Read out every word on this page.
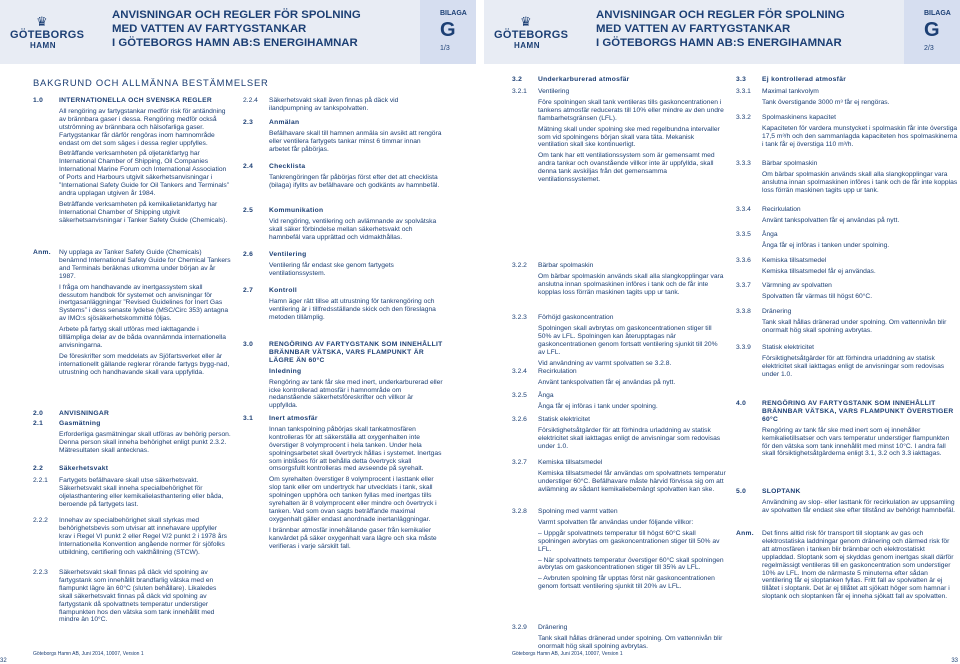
♛
GÖTEBORGS
HAMN
ANVISNINGAR OCH REGLER FÖR SPOLNING
MED VATTEN AV FARTYGSTANKAR
I GÖTEBORGS HAMN AB:S ENERGIHAMNAR
BILAGA
G
1/3
BAKGRUND OCH ALLMÄNNA BESTÄMMELSER
1.0 INTERNATIONELLA OCH SVENSKA REGLER

All rengöring av fartygstankar medför risk för antändning av brännbara gaser i dessa. Rengöring medför också utströmning av brännbara och hälsofarliga gaser. Fartygstankar får därför rengöras inom hamnområde endast om det som säges i dessa regler uppfylles.

Beträffande verksamheten på oljetankfartyg har International Chamber of Shipping, Oil Companies International Marine Forum och International Association of Ports and Harbours utgivit säkerhetsanvisningar i ”International Safety Guide for Oil Tankers and Terminals” andra upplagan utgiven år 1984.

Beträffande verksamheten på kemikalietankfartyg har International Chamber of Shipping utgivit säkerhetsanvisningar i Tanker Safety Guide (Chemicals).

Anm. Ny upplaga av Tanker Safety Guide (Chemicals) benämnd International Safety Guide for Chemical Tankers and Terminals beräknas utkomma under början av år 1987.

I fråga om handhavande av inertgassystem skall dessutom handbok för systemet och anvisningar för inertgasanläggningar ”Revised Guidelines for Inert Gas Systems” i dess senaste lydelse (MSC/Circ 353) antagna av IMO:s sjösäkerhetskommitté följas.

Arbete på fartyg skall utföras med iakttagande i tilllämpliga delar av de båda ovannämnda internationella anvisningarna.

De föreskrifter som meddelats av Sjöfartsverket eller är internationellt gällande reglerar rörande fartygs bygg-nad, utrustning och handhavande skall vara uppfyllda.

2.0 ANVISNINGAR

2.1 Gasmätning

Erforderliga gasmätningar skall utföras av behörig person. Denna person skall inneha behörighet enligt punkt 2.3.2. Mätresultaten skall antecknas.

2.2 Säkerhetsvakt

2.2.1 Fartygets befälhavare skall utse säkerhetsvakt. Säkerhetsvakt skall inneha specialbehörighet för oljelasthantering eller kemikalielasthantering eller båda, beroende på fartygets last.

2.2.2 Innehav av specialbehörighet skall styrkas med behörighetsbevis som utvisar att innehavare uppfyller krav i Regel VI punkt 2 eller Regel V/2 punkt 2 i 1978 års Internationella Konvention angående normer för sjöfolks utbildning, certifiering och vakthållning (STCW).

2.2.3 Säkerhetsvakt skall finnas på däck vid spolning av fartygstank som innehållit brandfarlig vätska med en flampunkt lägre än 60°C (sluten behållare). Likaledes skall säkerhetsvakt finnas på däck vid spolning av fartygstank då spolvattnets temperatur understiger flampunkten hos den vätska som tank innehållit med mindre än 10°C.

2.2.4 Säkerhetsvakt skall även finnas på däck vid ilandpumpning av tankspolvatten.

2.3 Anmälan

Befälhavare skall till hamnen anmäla sin avsikt att rengöra eller ventilera fartygets tankar minst 6 timmar innan arbetet får påbörjas.

2.4 Checklista

Tankrengöringen får påbörjas först efter det att checklista (bilaga) ifyllts av befälhavare och godkänts av hamnbefäl.

2.5 Kommunikation

Vid rengöring, ventilering och avlämnande av spolvätska skall säker förbindelse mellan säkerhetsvakt och hamnbefäl vara upprättad och vidmakthållas.

2.6 Ventilering

Ventilering får endast ske genom fartygets ventilationssystem.

2.7 Kontroll

Hamn äger rätt tillse att utrustning för tankrengöring och ventilering är i tillfredsställande skick och den föreslagna metoden tillämplig.

3.0 RENGÖRING AV FARTYGSTANK SOM INNEHÅLLIT BRÄNNBAR VÄTSKA, VARS FLAMPUNKT ÄR LÄGRE ÄN 60°C

Inledning

Rengöring av tank får ske med inert, underkarburerad eller icke kontrollerad atmosfär i hamnområde om nedanstående säkerhetsföreskrifter och villkor är uppfyllda.

3.1 Inert atmosfär

Innan tankspolning påbörjas skall tankatmosfären kontrolleras för att säkerställa att oxygenhalten inte överstiger 8 volymprocent i hela tanken. Under hela spolningsarbetet skall övertryck hållas i systemet. Inertgas som inblåses för att behålla detta övertryck skall omsorgsfullt kontrolleras med avseende på syrehalt.

Om syrehalten överstiger 8 volymprocent i lasttank eller slop tank eller om undertryck har utvecklats i tank, skall spolningen upphöra och tanken fyllas med inertgas tills syrehalten är 8 volymprocent eller mindre och övertryck i tanken. Vad som ovan sagts beträffande maximal oxygenhalt gäller endast anordnade inertanläggningar.

I brännbar atmosfär innehållande gaser från kemikalier kanvärdet på säker oxygenhalt vara lägre och ska måste verifieras i varje särskilt fall.

Göteborgs Hamn AB, Juni 2014, 10007, Version 1
32
♛
GÖTEBORGS
HAMN
ANVISNINGAR OCH REGLER FÖR SPOLNING
MED VATTEN AV FARTYGSTANKAR
I GÖTEBORGS HAMN AB:S ENERGIHAMNAR
BILAGA
G
2/3
3.2 Underkarburerad atmosfär

3.2.1 Ventilering

Före spolningen skall tank ventileras tills gaskoncentrationen i tankens atmosfär reducerats till 10% eller mindre av den undre flambarhetsgränsen (LFL).

Mätning skall under spolning ske med regelbundna intervaller som vid spolningens början skall vara täta. Mekanisk ventilation skall ske kontinuerligt.

Om tank har ett ventilationssystem som är gemensamt med andra tankar och ovanstående villkor inte är uppfyllda, skall denna tank avskiljas från det gemensamma ventilationssystemet.

3.2.2 Bärbar spolmaskin

Om bärbar spolmaskin används skall alla slangkopplingar vara anslutna innan spolmaskinen införes i tank och de får inte kopplas loss förrän maskinen tagits upp ur tank.

3.2.3 Förhöjd gaskoncentration

Spolningen skall avbrytas om gaskoncentrationen stiger till 50% av LFL. Spolningen kan återupptagas när gaskoncentrationen genom fortsatt ventilering sjunkit till 20% av LFL.

Vid användning av varmt spolvatten se 3.2.8.

3.2.4 Recirkulation

Använt tankspolvatten får ej användas på nytt.

3.2.5 Ånga

Ånga får ej införas i tank under spolning.

3.2.6 Statisk elektricitet

Försiktighetsåtgärder för att förhindra urladdning av statisk elektricitet skall iakttagas enligt de anvisningar som redovisas under 1.0.

3.2.7 Kemiska tillsatsmedel

Kemiska tillsatsmedel får användas om spolvattnets temperatur understiger 60°C. Befälhavare måste härvid förvissa sig om att avlämning av sådant kemikaliebemängt spolvatten kan ske.

3.2.8 Spolning med varmt vatten

Varmt spolvatten får användas under följande villkor:

– Uppgår spolvattnets temperatur till högst 60°C skall spolningen avbrytas om gaskoncentrationen stiger till 50% av LFL.

– När spolvattnets temperatur överstiger 60°C skall spolningen avbrytas om gaskoncentrationen stiger till 35% av LFL.

– Avbruten spolning får upptas först när gaskoncentrationen genom fortsatt ventilering sjunkit till 20% av LFL.

3.2.9 Dränering

Tank skall hållas dränerad under spolning. Om vattennivån blir onormalt hög skall spolning avbrytas.

3.3 Ej kontrollerad atmosfär

3.3.1 Maximal tankvolym

Tank överstigande 3000 m³ får ej rengöras.

3.3.2 Spolmaskinens kapacitet

Kapaciteten för vardera munstycket i spolmaskin får inte överstiga 17,5 m³/h och den sammanlagda kapaciteten hos spolmaskinerna i tank får ej överstiga 110 m³/h.

3.3.3 Bärbar spolmaskin

Om bärbar spolmaskin används skall alla slangkopplingar vara anslutna innan spolmaskinen införes i tank och de får inte kopplas loss förrän maskinen tagits upp ur tank.

3.3.4 Recirkulation

Använt tankspolvatten får ej användas på nytt.

3.3.5 Ånga

Ånga får ej införas i tanken under spolning.

3.3.6 Kemiska tillsatsmedel

Kemiska tillsatsmedel får ej användas.

3.3.7 Värmning av spolvatten

Spolvatten får värmas till högst 60°C.

3.3.8 Dränering

Tank skall hållas dränerad under spolning. Om vattennivån blir onormalt hög skall spolning avbrytas.

3.3.9 Statisk elektricitet

Försiktighetsåtgärder för att förhindra urladdning av statisk elektricitet skall iakttagas enligt de anvisningar som redovisas under 1.0.

4.0 RENGÖRING AV FARTYGSTANK SOM INNEHÅLLIT BRÄNNBAR VÄTSKA, VARS FLAMPUNKT ÖVERSTIGER 60°C

Rengöring av tank får ske med inert som ej innehåller kemikalietillsatser och vars temperatur understiger flampunkten för den vätska som tank innehållit med minst 10°C. I andra fall skall försiktighetsåtgärderna enligt 3.1, 3.2 och 3.3 iakttagas.

5.0 SLOPTANK

Användning av slop- eller lasttank för recirkulation av uppsamling av spolvatten får endast ske efter tillstånd av behörigt hamnbefäl.

Anm. Det finns alltid risk för transport till sloptank av gas och elektrostatiska laddningar genom dränering och därmed risk för att atmosfären i tanken blir brännbar och elektrostatiskt uppladdad. Sloptank som ej skyddas genom inertgas skall därför regelmässigt ventileras till en gaskoncentration som understiger 10% av LFL. Inom de närmaste 5 minuterna efter sådan ventilering får ej sloptanken fyllas. Fritt fall av spolvatten är ej tillåtet i sloptank. Det är ej tillåtet att sjökatt höger som hamnar i sloptank och sloptanken får ej inneha sjökatt fall av spolvatten.

Göteborgs Hamn AB, Juni 2014, 10007, Version 1
33
